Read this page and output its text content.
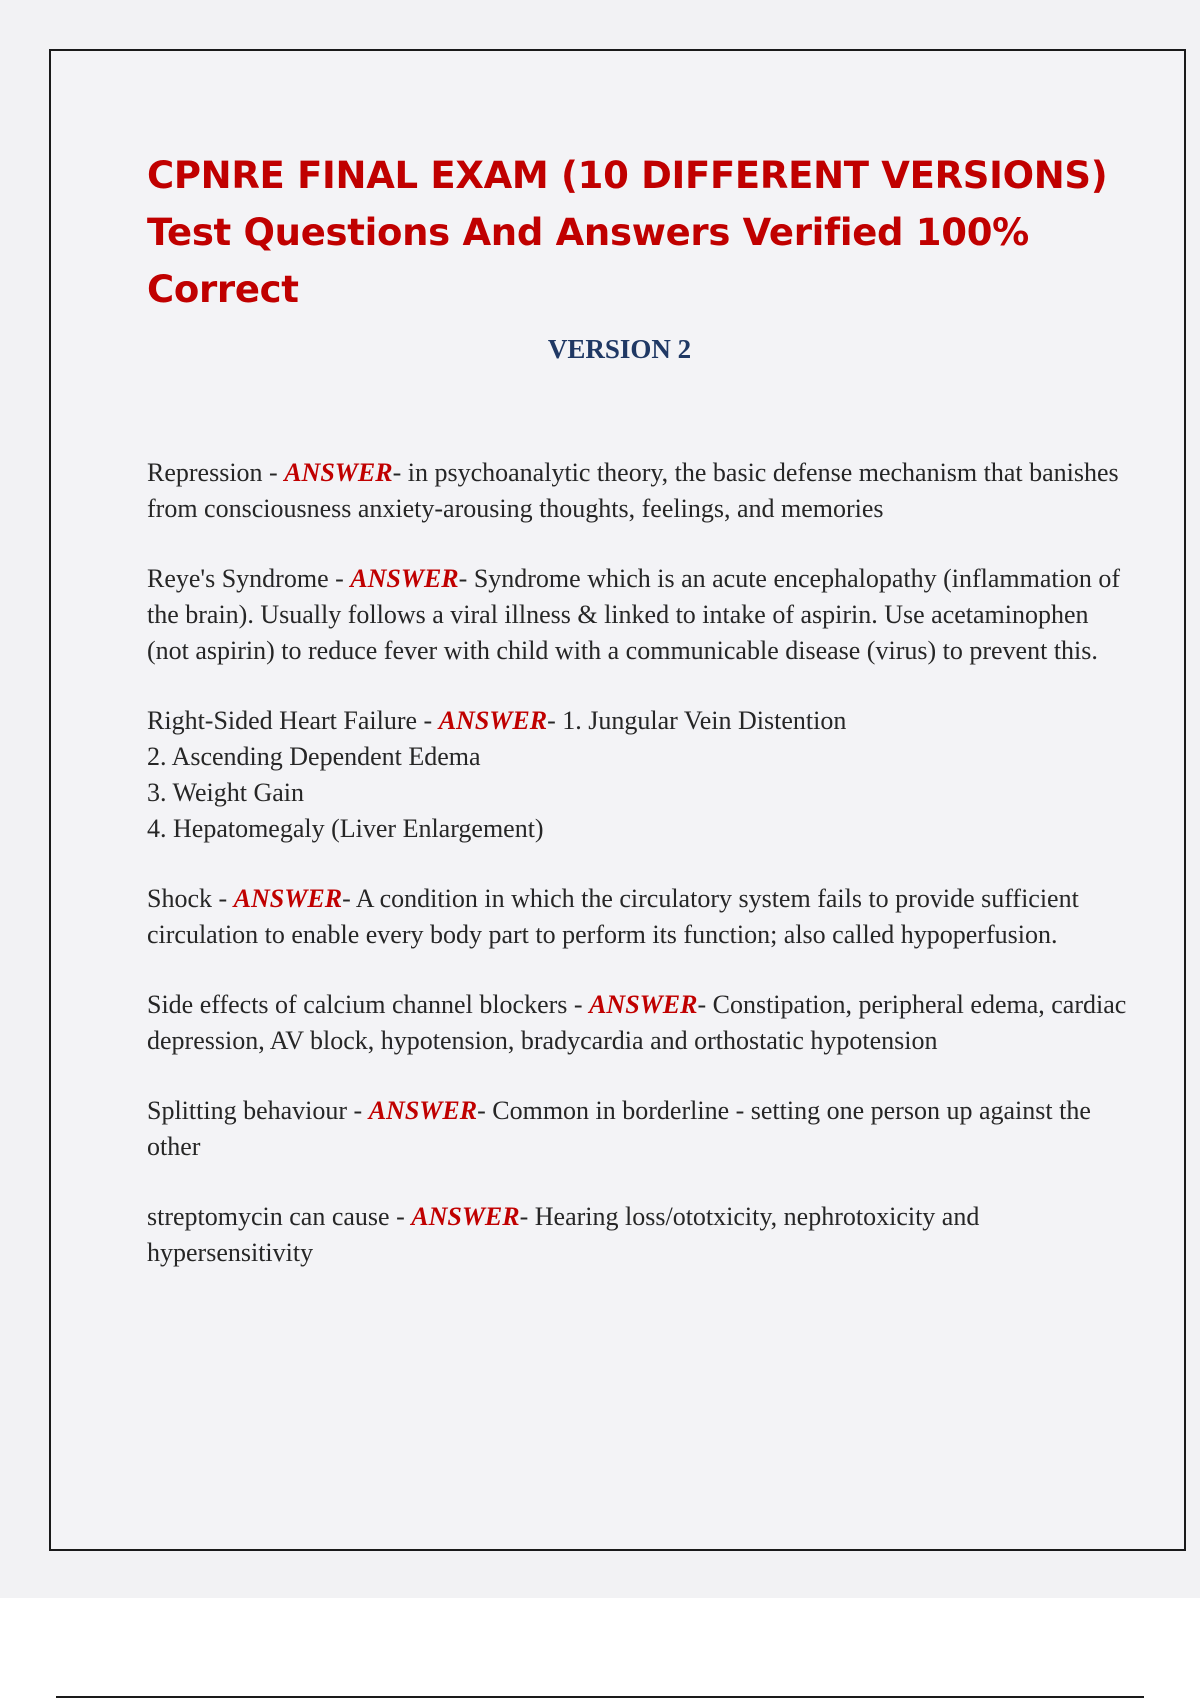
CPNRE FINAL EXAM (10 DIFFERENT VERSIONS)
Test Questions And Answers Verified 100%
Correct

VERSION 2

Repression - ANSWER- in psychoanalytic theory, the basic defense mechanism that banishes from consciousness anxiety-arousing thoughts, feelings, and memories

Reye's Syndrome - ANSWER- Syndrome which is an acute encephalopathy (inflammation of the brain). Usually follows a viral illness & linked to intake of aspirin. Use acetaminophen (not aspirin) to reduce fever with child with a communicable disease (virus) to prevent this.

Right-Sided Heart Failure - ANSWER- 1. Jungular Vein Distention
2. Ascending Dependent Edema
3. Weight Gain
4. Hepatomegaly (Liver Enlargement)

Shock - ANSWER- A condition in which the circulatory system fails to provide sufficient circulation to enable every body part to perform its function; also called hypoperfusion.

Side effects of calcium channel blockers - ANSWER- Constipation, peripheral edema, cardiac depression, AV block, hypotension, bradycardia and orthostatic hypotension

Splitting behaviour - ANSWER- Common in borderline - setting one person up against the other

streptomycin can cause - ANSWER- Hearing loss/ototxicity, nephrotoxicity and hypersensitivity
